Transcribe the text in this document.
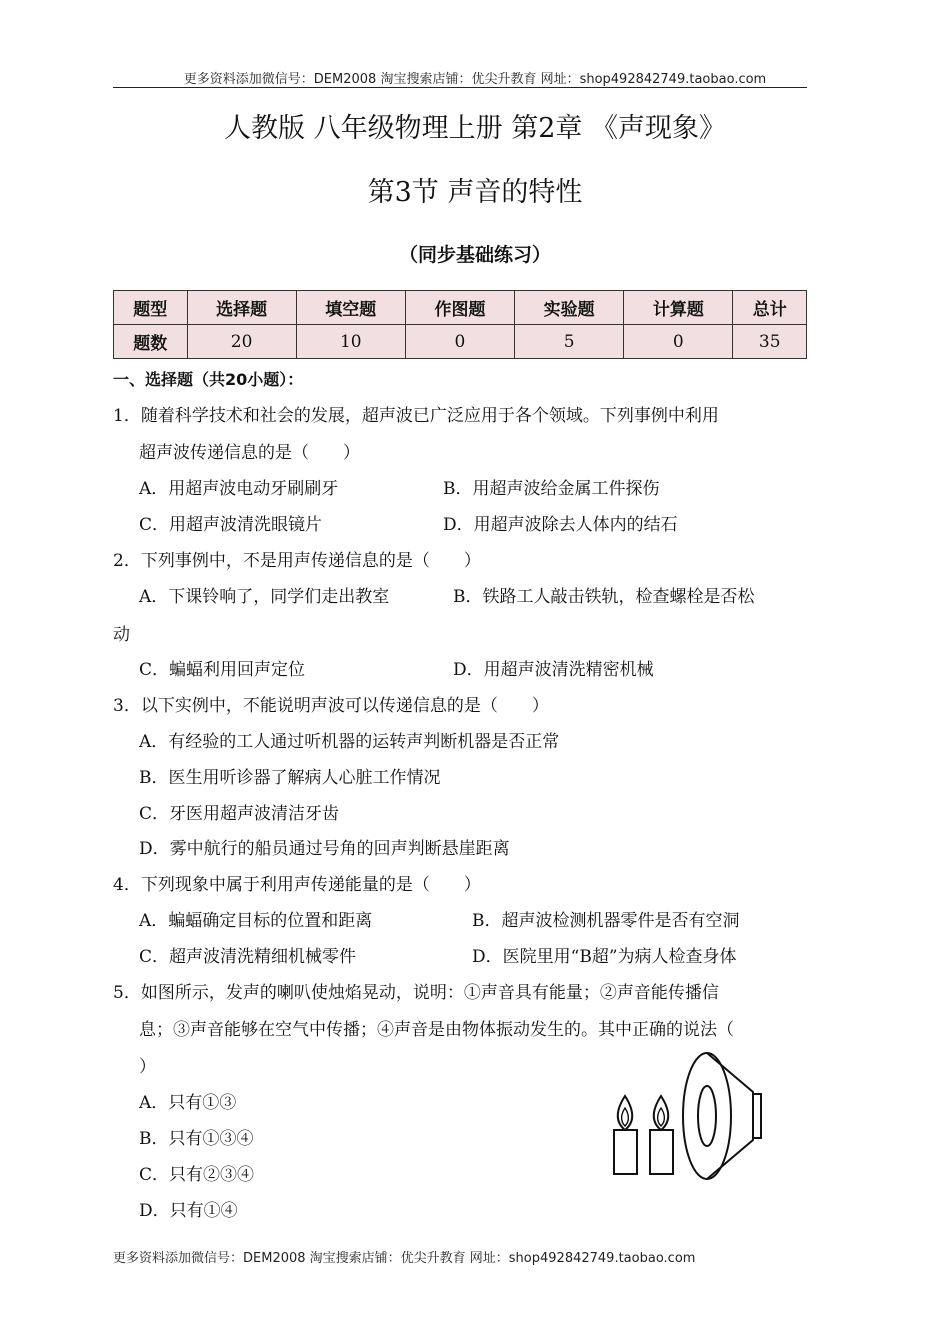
更多资料添加微信号：DEM2008 淘宝搜索店铺：优尖升教育 网址：shop492842749.taobao.com
人教版 八年级物理上册 第2章 《声现象》
第3节 声音的特性
（同步基础练习）
题型	选择题	填空题	作图题	实验题	计算题	总计
题数	20	10	0	5	0	35
一、选择题（共20小题）：
1．随着科学技术和社会的发展，超声波已广泛应用于各个领域。下列事例中利用
超声波传递信息的是（　　）
A．用超声波电动牙刷刷牙	B．用超声波给金属工件探伤
C．用超声波清洗眼镜片	D．用超声波除去人体内的结石
2．下列事例中，不是用声传递信息的是（　　）
A．下课铃响了，同学们走出教室	B．铁路工人敲击铁轨，检查螺栓是否松
动
C．蝙蝠利用回声定位	D．用超声波清洗精密机械
3．以下实例中，不能说明声波可以传递信息的是（　　）
A．有经验的工人通过听机器的运转声判断机器是否正常
B．医生用听诊器了解病人心脏工作情况
C．牙医用超声波清洁牙齿
D．雾中航行的船员通过号角的回声判断悬崖距离
4．下列现象中属于利用声传递能量的是（　　）
A．蝙蝠确定目标的位置和距离	B．超声波检测机器零件是否有空洞
C．超声波清洗精细机械零件	D．医院里用“B超”为病人检查身体
5．如图所示，发声的喇叭使烛焰晃动，说明：①声音具有能量；②声音能传播信
息；③声音能够在空气中传播；④声音是由物体振动发生的。其中正确的说法（
）
A．只有①③
B．只有①③④
C．只有②③④
D．只有①④
更多资料添加微信号：DEM2008 淘宝搜索店铺：优尖升教育 网址：shop492842749.taobao.com
